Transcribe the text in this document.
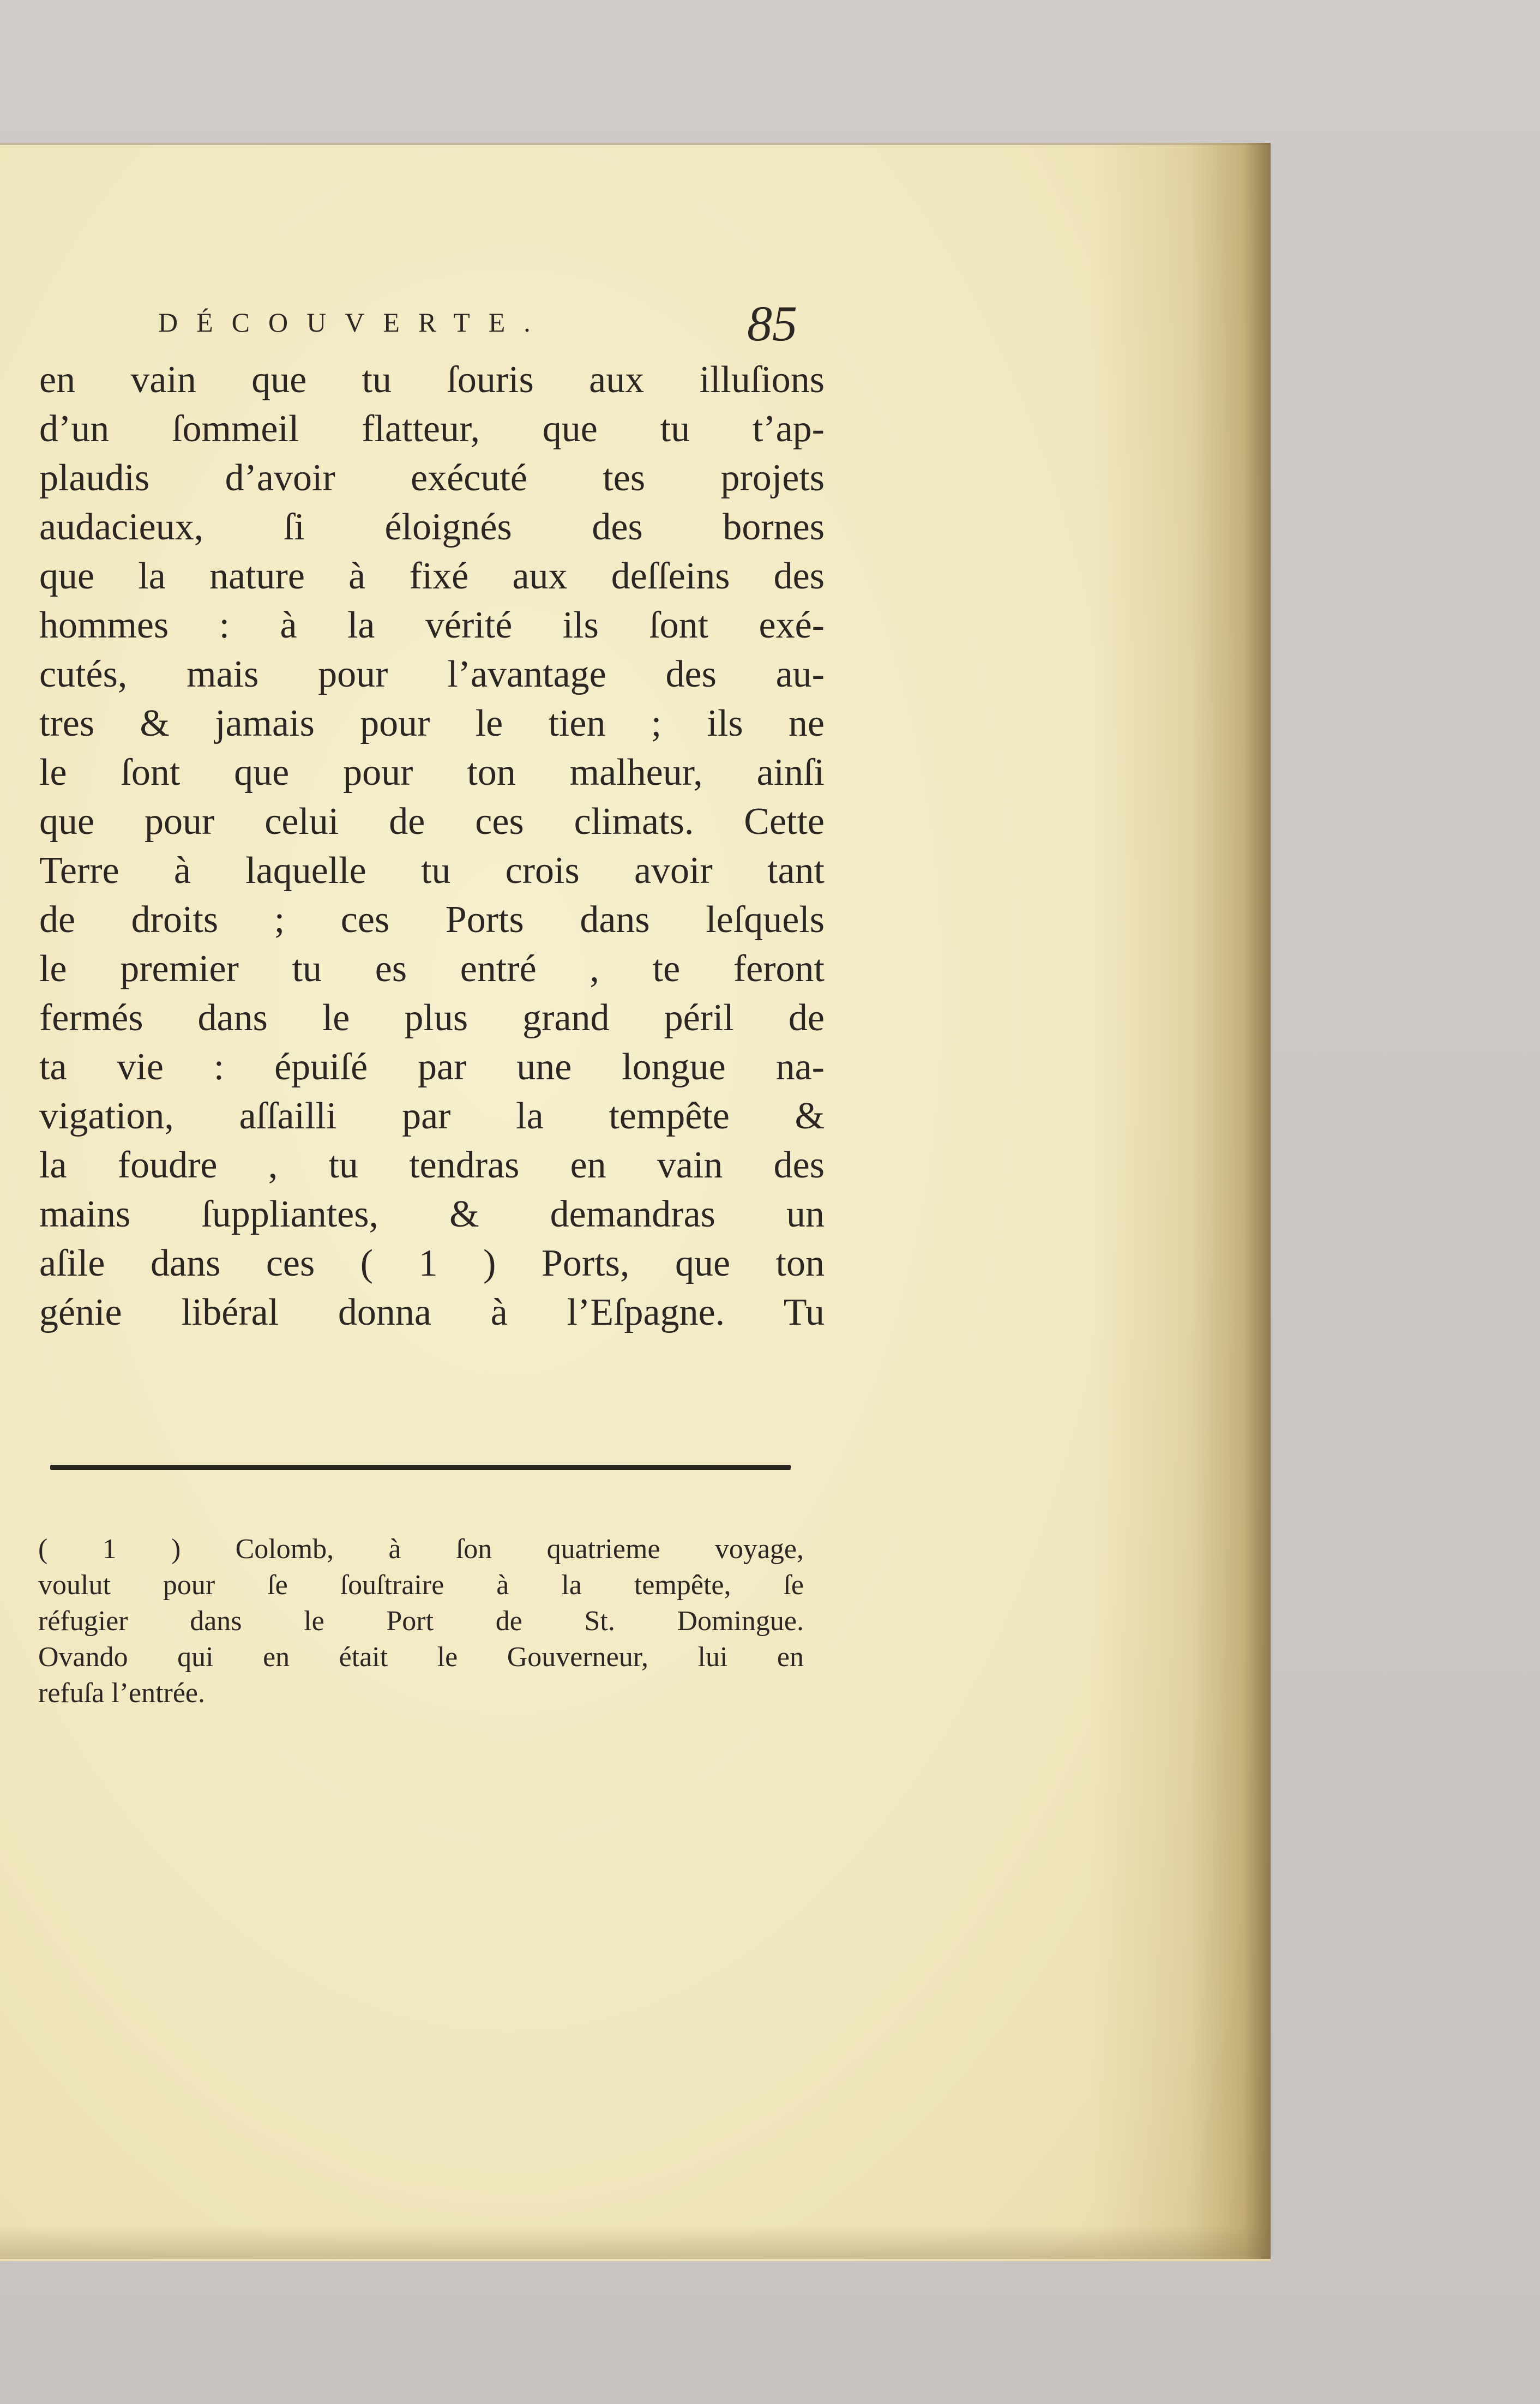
DÉCOUVERTE.	85
en vain que tu ſouris aux illuſions
d’un ſommeil flatteur, que tu t’ap-
plaudis d’avoir exécuté tes projets
audacieux, ſi éloignés des bornes
que la nature à fixé aux deſſeins des
hommes : à la vérité ils ſont exé-
cutés, mais pour l’avantage des au-
tres & jamais pour le tien ; ils ne
le ſont que pour ton malheur, ainſi
que pour celui de ces climats. Cette
Terre à laquelle tu crois avoir tant
de droits ; ces Ports dans leſquels
le premier tu es entré , te feront
fermés dans le plus grand péril de
ta vie : épuiſé par une longue na-
vigation, aſſailli par la tempête &
la foudre , tu tendras en vain des
mains ſuppliantes, & demandras un
aſile dans ces ( 1 ) Ports, que ton
génie libéral donna à l’Eſpagne. Tu
( 1 ) Colomb, à ſon quatrieme voyage,
voulut pour ſe ſouſtraire à la tempête, ſe
réfugier dans le Port de St. Domingue.
Ovando qui en était le Gouverneur, lui en
refuſa l’entrée.
